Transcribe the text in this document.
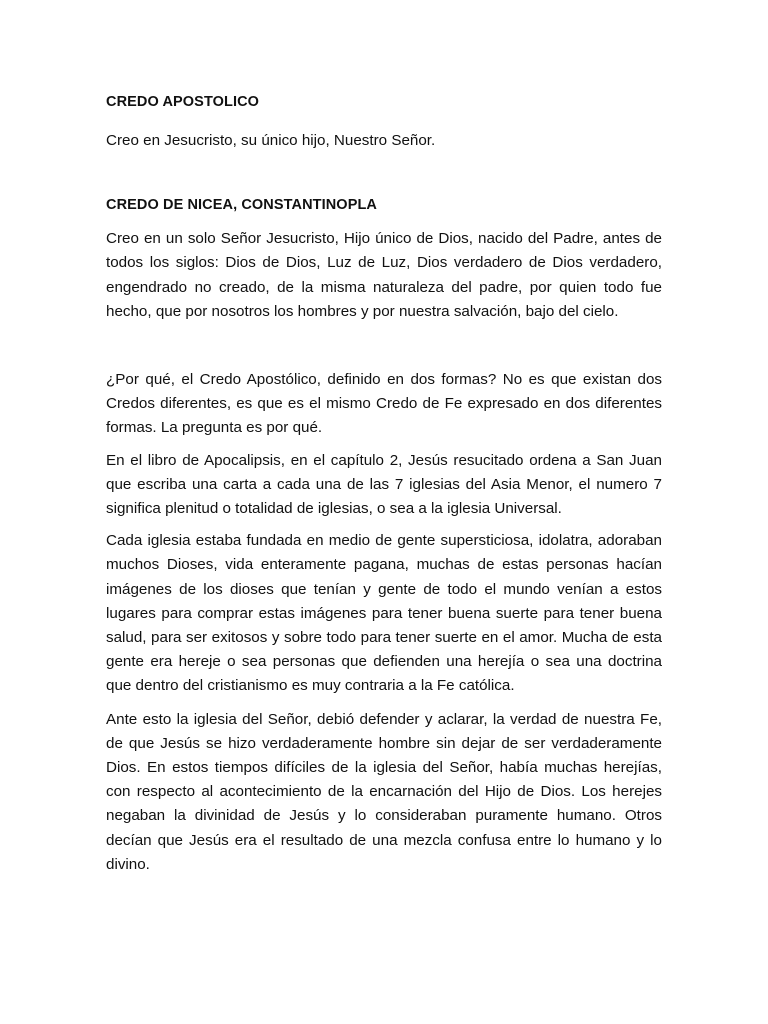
CREDO APOSTOLICO

Creo en Jesucristo, su único hijo, Nuestro Señor.

CREDO DE NICEA, CONSTANTINOPLA

Creo en un solo Señor Jesucristo, Hijo único de Dios, nacido del Padre, antes de todos los siglos: Dios de Dios, Luz de Luz, Dios verdadero de Dios verdadero, engendrado no creado, de la misma naturaleza del padre, por quien todo fue hecho, que por nosotros los hombres y por nuestra salvación, bajo del cielo.

¿Por qué, el Credo Apostólico, definido en dos formas? No es que existan dos Credos diferentes, es que es el mismo Credo de Fe expresado en dos diferentes formas. La pregunta es por qué.

En el libro de Apocalipsis, en el capítulo 2, Jesús resucitado ordena a San Juan que escriba una carta a cada una de las 7 iglesias del Asia Menor, el numero 7 significa plenitud o totalidad de iglesias, o sea a la iglesia Universal.

Cada iglesia estaba fundada en medio de gente supersticiosa, idolatra, adoraban muchos Dioses, vida enteramente pagana, muchas de estas personas hacían imágenes de los dioses que tenían y gente de todo el mundo venían a estos lugares para comprar estas imágenes para tener buena suerte para tener buena salud, para ser exitosos y sobre todo para tener suerte en el amor. Mucha de esta gente era hereje o sea personas que defienden una herejía o sea una doctrina que dentro del cristianismo es muy contraria a la Fe católica.

Ante esto la iglesia del Señor, debió defender y aclarar, la verdad de nuestra Fe, de que Jesús se hizo verdaderamente hombre sin dejar de ser verdaderamente Dios. En estos tiempos difíciles de la iglesia del Señor, había muchas herejías, con respecto al acontecimiento de la encarnación del Hijo de Dios. Los herejes negaban la divinidad de Jesús y lo consideraban puramente humano. Otros decían que Jesús era el resultado de una mezcla confusa entre lo humano y lo divino.
